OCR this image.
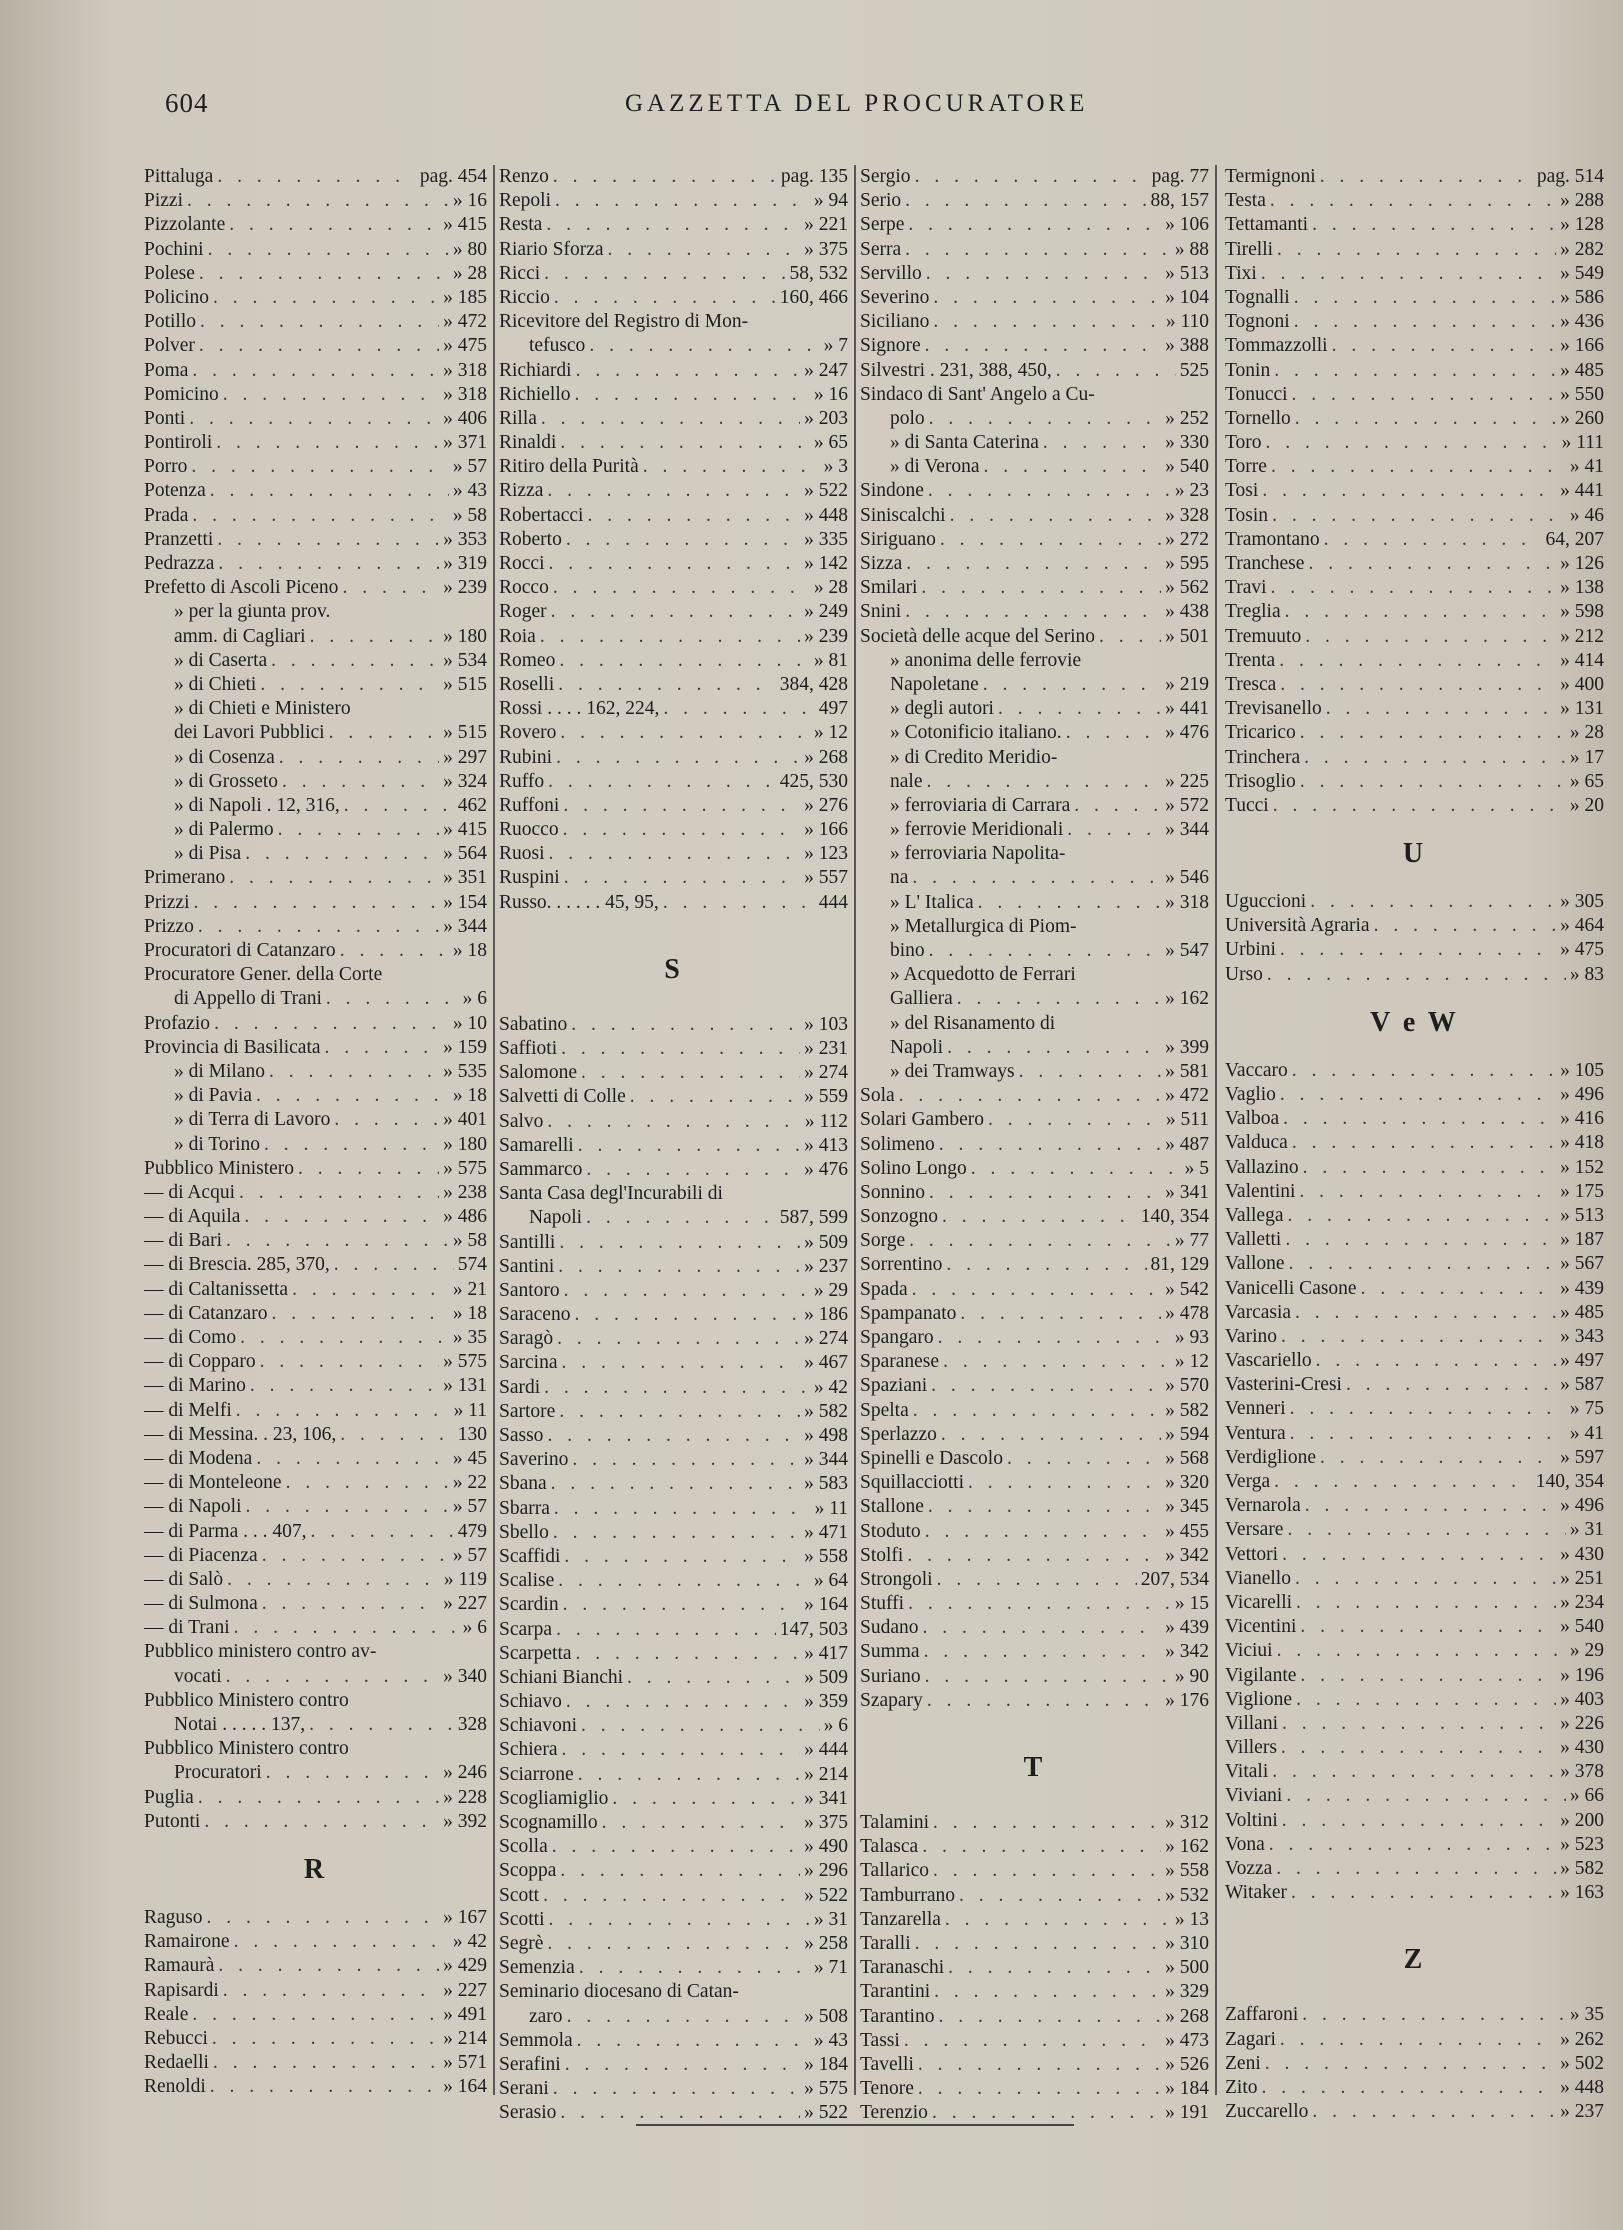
604	GAZZETTA DEL PROCURATORE
Pittaluga . . .	pag. 454
Pizzi . . .	» 16
Pizzolante . . .	» 415
Pochini . . .	» 80
Polese . . .	» 28
Policino . . .	» 185
Potillo . . .	» 472
Polver . . .	» 475
Poma . . .	» 318
Pomicino . . .	» 318
Ponti . . .	» 406
Pontiroli . . .	» 371
Porro . . .	» 57
Potenza . . .	» 43
Prada . . .	» 58
Pranzetti . . .	» 353
Pedrazza . . .	» 319
Prefetto di Ascoli Piceno . . .	» 239
» per la giunta prov.
amm. di Cagliari . . .	» 180
» di Caserta . . .	» 534
» di Chieti . . .	» 515
» di Chieti e Ministero
dei Lavori Pubblici . . .	» 515
» di Cosenza . . .	» 297
» di Grosseto . . .	» 324
» di Napoli . 12, 316, . . .	462
» di Palermo . . .	» 415
» di Pisa . . .	» 564
Primerano . . .	» 351
Prizzi . . .	» 154
Prizzo . . .	» 344
Procuratori di Catanzaro . . .	» 18
Procuratore Gener. della Corte
di Appello di Trani . . .	» 6
Profazio . . .	» 10
Provincia di Basilicata . . .	» 159
» di Milano . . .	» 535
» di Pavia . . .	» 18
» di Terra di Lavoro . . .	» 401
» di Torino . . .	» 180
Pubblico Ministero . . .	» 575
— di Acqui . . .	» 238
— di Aquila . . .	» 486
— di Bari . . .	» 58
— di Brescia. 285, 370, . . .	574
— di Caltanissetta . . .	» 21
— di Catanzaro . . .	» 18
— di Como . . .	» 35
— di Copparo . . .	» 575
— di Marino . . .	» 131
— di Melfi . . .	» 11
— di Messina. . 23, 106, . . .	130
— di Modena . . .	» 45
— di Monteleone . . .	» 22
— di Napoli . . .	» 57
— di Parma . . . 407, . . .	479
— di Piacenza . . .	» 57
— di Salò . . .	» 119
— di Sulmona . . .	» 227
— di Trani . . .	» 6
Pubblico ministero contro av-
vocati . . .	» 340
Pubblico Ministero contro
Notai . . . . . 137, . . .	328
Pubblico Ministero contro
Procuratori . . .	» 246
Puglia . . .	» 228
Putonti . . .	» 392
R
Raguso . . .	» 167
Ramairone . . .	» 42
Ramaurà . . .	» 429
Rapisardi . . .	» 227
Reale . . .	» 491
Rebucci . . .	» 214
Redaelli . . .	» 571
Renoldi . . .	» 164
Renzo . . .	pag. 135
Repoli . . .	» 94
Resta . . .	» 221
Riario Sforza . . .	» 375
Ricci . . .	58, 532
Riccio . . .	160, 466
Ricevitore del Registro di Mon-
tefusco . . .	» 7
Richiardi . . .	» 247
Richiello . . .	» 16
Rilla . . .	» 203
Rinaldi . . .	» 65
Ritiro della Purità . . .	» 3
Rizza . . .	» 522
Robertacci . . .	» 448
Roberto . . .	» 335
Rocci . . .	» 142
Rocco . . .	» 28
Roger . . .	» 249
Roia . . .	» 239
Romeo . . .	» 81
Roselli . . .	384, 428
Rossi . . . . 162, 224, . . .	497
Rovero . . .	» 12
Rubini . . .	» 268
Ruffo . . .	425, 530
Ruffoni . . .	» 276
Ruocco . . .	» 166
Ruosi . . .	» 123
Ruspini . . .	» 557
Russo. . . . . . 45, 95, . . .	444
S
Sabatino . . .	» 103
Saffioti . . .	» 231
Salomone . . .	» 274
Salvetti di Colle . . .	» 559
Salvo . . .	» 112
Samarelli . . .	» 413
Sammarco . . .	» 476
Santa Casa degl'Incurabili di
Napoli . . .	587, 599
Santilli . . .	» 509
Santini . . .	» 237
Santoro . . .	» 29
Saraceno . . .	» 186
Saragò . . .	» 274
Sarcina . . .	» 467
Sardi . . .	» 42
Sartore . . .	» 582
Sasso . . .	» 498
Saverino . . .	» 344
Sbana . . .	» 583
Sbarra . . .	» 11
Sbello . . .	» 471
Scaffidi . . .	» 558
Scalise . . .	» 64
Scardin . . .	» 164
Scarpa . . .	147, 503
Scarpetta . . .	» 417
Schiani Bianchi . . .	» 509
Schiavo . . .	» 359
Schiavoni . . .	» 6
Schiera . . .	» 444
Sciarrone . . .	» 214
Scogliamiglio . . .	» 341
Scognamillo . . .	» 375
Scolla . . .	» 490
Scoppa . . .	» 296
Scott . . .	» 522
Scotti . . .	» 31
Segrè . . .	» 258
Semenzia . . .	» 71
Seminario diocesano di Catan-
zaro . . .	» 508
Semmola . . .	» 43
Serafini . . .	» 184
Serani . . .	» 575
Serasio . . .	» 522
Sergio . . .	pag. 77
Serio . . .	88, 157
Serpe . . .	» 106
Serra . . .	» 88
Servillo . . .	» 513
Severino . . .	» 104
Siciliano . . .	» 110
Signore . . .	» 388
Silvestri . 231, 388, 450, . . .	525
Sindaco di Sant' Angelo a Cu-
polo . . .	» 252
» di Santa Caterina . . .	» 330
» di Verona . . .	» 540
Sindone . . .	» 23
Siniscalchi . . .	» 328
Siriguano . . .	» 272
Sizza . . .	» 595
Smilari . . .	» 562
Snini . . .	» 438
Società delle acque del Serino . . .	» 501
» anonima delle ferrovie
Napoletane . . .	» 219
» degli autori . . .	» 441
» Cotonificio italiano. . . .	» 476
» di Credito Meridio-
nale . . .	» 225
» ferroviaria di Carrara . . .	» 572
» ferrovie Meridionali . . .	» 344
» ferroviaria Napolita-
na . . .	» 546
» L' Italica . . .	» 318
» Metallurgica di Piom-
bino . . .	» 547
» Acquedotto de Ferrari
Galliera . . .	» 162
» del Risanamento di
Napoli . . .	» 399
» dei Tramways . . .	» 581
Sola . . .	» 472
Solari Gambero . . .	» 511
Solimeno . . .	» 487
Solino Longo . . .	» 5
Sonnino . . .	» 341
Sonzogno . . .	140, 354
Sorge . . .	» 77
Sorrentino . . .	81, 129
Spada . . .	» 542
Spampanato . . .	» 478
Spangaro . . .	» 93
Sparanese . . .	» 12
Spaziani . . .	» 570
Spelta . . .	» 582
Sperlazzo . . .	» 594
Spinelli e Dascolo . . .	» 568
Squillacciotti . . .	» 320
Stallone . . .	» 345
Stoduto . . .	» 455
Stolfi . . .	» 342
Strongoli . . .	207, 534
Stuffi . . .	» 15
Sudano . . .	» 439
Summa . . .	» 342
Suriano . . .	» 90
Szapary . . .	» 176
T
Talamini . . .	» 312
Talasca . . .	» 162
Tallarico . . .	» 558
Tamburrano . . .	» 532
Tanzarella . . .	» 13
Taralli . . .	» 310
Taranaschi . . .	» 500
Tarantini . . .	» 329
Tarantino . . .	» 268
Tassi . . .	» 473
Tavelli . . .	» 526
Tenore . . .	» 184
Terenzio . . .	» 191
Termignoni . . .	pag. 514
Testa . . .	» 288
Tettamanti . . .	» 128
Tirelli . . .	» 282
Tixi . . .	» 549
Tognalli . . .	» 586
Tognoni . . .	» 436
Tommazzolli . . .	» 166
Tonin . . .	» 485
Tonucci . . .	» 550
Tornello . . .	» 260
Toro . . .	» 111
Torre . . .	» 41
Tosi . . .	» 441
Tosin . . .	» 46
Tramontano . . .	64, 207
Tranchese . . .	» 126
Travi . . .	» 138
Treglia . . .	» 598
Tremuuto . . .	» 212
Trenta . . .	» 414
Tresca . . .	» 400
Trevisanello . . .	» 131
Tricarico . . .	» 28
Trinchera . . .	» 17
Trisoglio . . .	» 65
Tucci . . .	» 20
U
Uguccioni . . .	» 305
Università Agraria . . .	» 464
Urbini . . .	» 475
Urso . . .	» 83
V e W
Vaccaro . . .	» 105
Vaglio . . .	» 496
Valboa . . .	» 416
Valduca . . .	» 418
Vallazino . . .	» 152
Valentini . . .	» 175
Vallega . . .	» 513
Valletti . . .	» 187
Vallone . . .	» 567
Vanicelli Casone . . .	» 439
Varcasia . . .	» 485
Varino . . .	» 343
Vascariello . . .	» 497
Vasterini-Cresi . . .	» 587
Venneri . . .	» 75
Ventura . . .	» 41
Verdiglione . . .	» 597
Verga . . .	140, 354
Vernarola . . .	» 496
Versare . . .	» 31
Vettori . . .	» 430
Vianello . . .	» 251
Vicarelli . . .	» 234
Vicentini . . .	» 540
Viciui . . .	» 29
Vigilante . . .	» 196
Viglione . . .	» 403
Villani . . .	» 226
Villers . . .	» 430
Vitali . . .	» 378
Viviani . . .	» 66
Voltini . . .	» 200
Vona . . .	» 523
Vozza . . .	» 582
Witaker . . .	» 163
Z
Zaffaroni . . .	» 35
Zagari . . .	» 262
Zeni . . .	» 502
Zito . . .	» 448
Zuccarello . . .	» 237
